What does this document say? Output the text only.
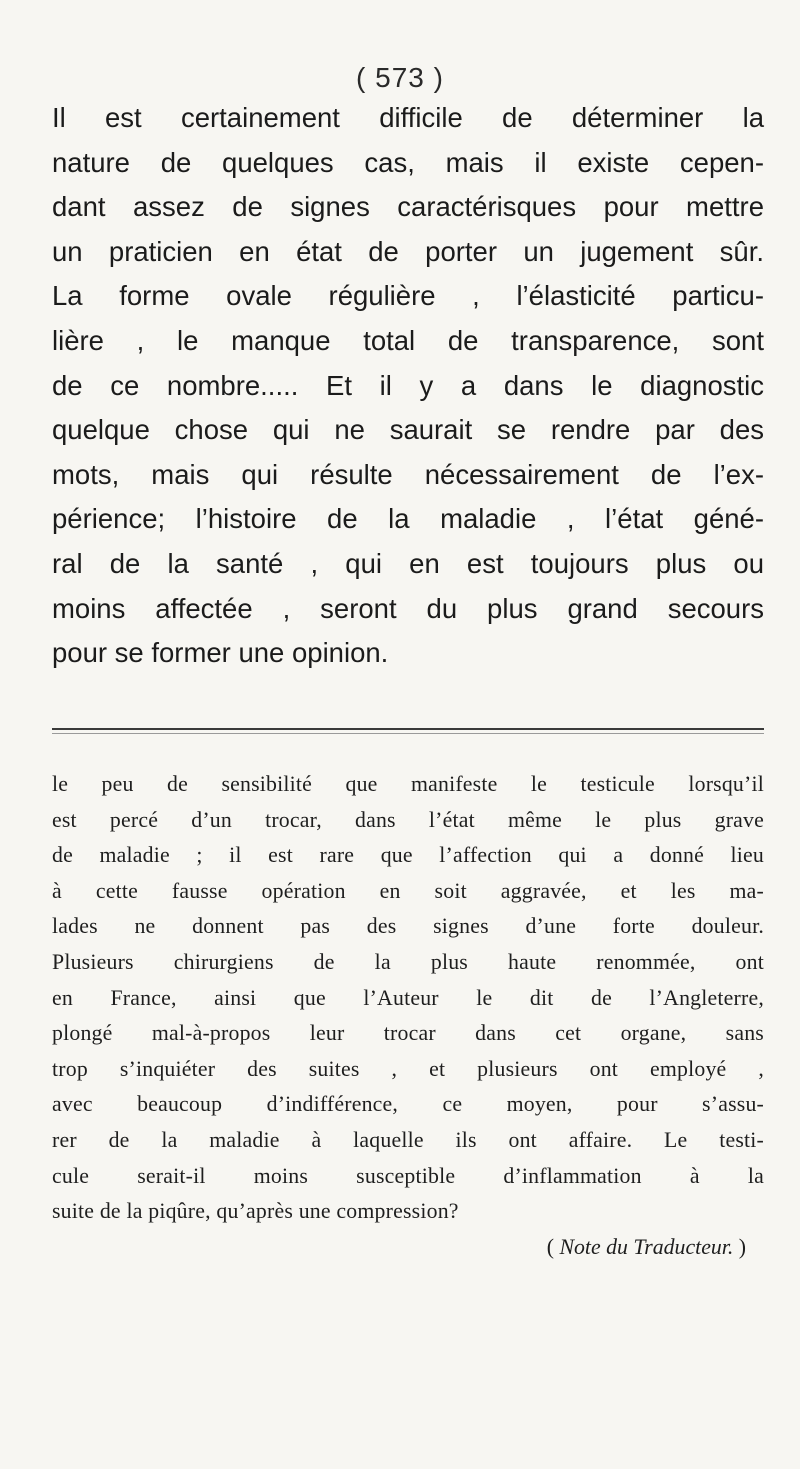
( 573 )
Il est certainement difficile de déterminer la
nature de quelques cas, mais il existe cepen-
dant assez de signes caractérisques pour mettre
un praticien en état de porter un jugement sûr.
La forme ovale régulière , l’élasticité particu-
lière , le manque total de transparence, sont
de ce nombre..... Et il y a dans le diagnostic
quelque chose qui ne saurait se rendre par des
mots, mais qui résulte nécessairement de l’ex-
périence; l’histoire de la maladie , l’état géné-
ral de la santé , qui en est toujours plus ou
moins affectée , seront du plus grand secours
pour se former une opinion.
le peu de sensibilité que manifeste le testicule lorsqu’il
est percé d’un trocar, dans l’état même le plus grave
de maladie ; il est rare que l’affection qui a donné lieu
à cette fausse opération en soit aggravée, et les ma-
lades ne donnent pas des signes d’une forte douleur.
Plusieurs chirurgiens de la plus haute renommée, ont
en France, ainsi que l’Auteur le dit de l’Angleterre,
plongé mal-à-propos leur trocar dans cet organe, sans
trop s’inquiéter des suites , et plusieurs ont employé ,
avec beaucoup d’indifférence, ce moyen, pour s’assu-
rer de la maladie à laquelle ils ont affaire. Le testi-
cule serait-il moins susceptible d’inflammation à la
suite de la piqûre, qu’après une compression?
( Note du Traducteur. )
